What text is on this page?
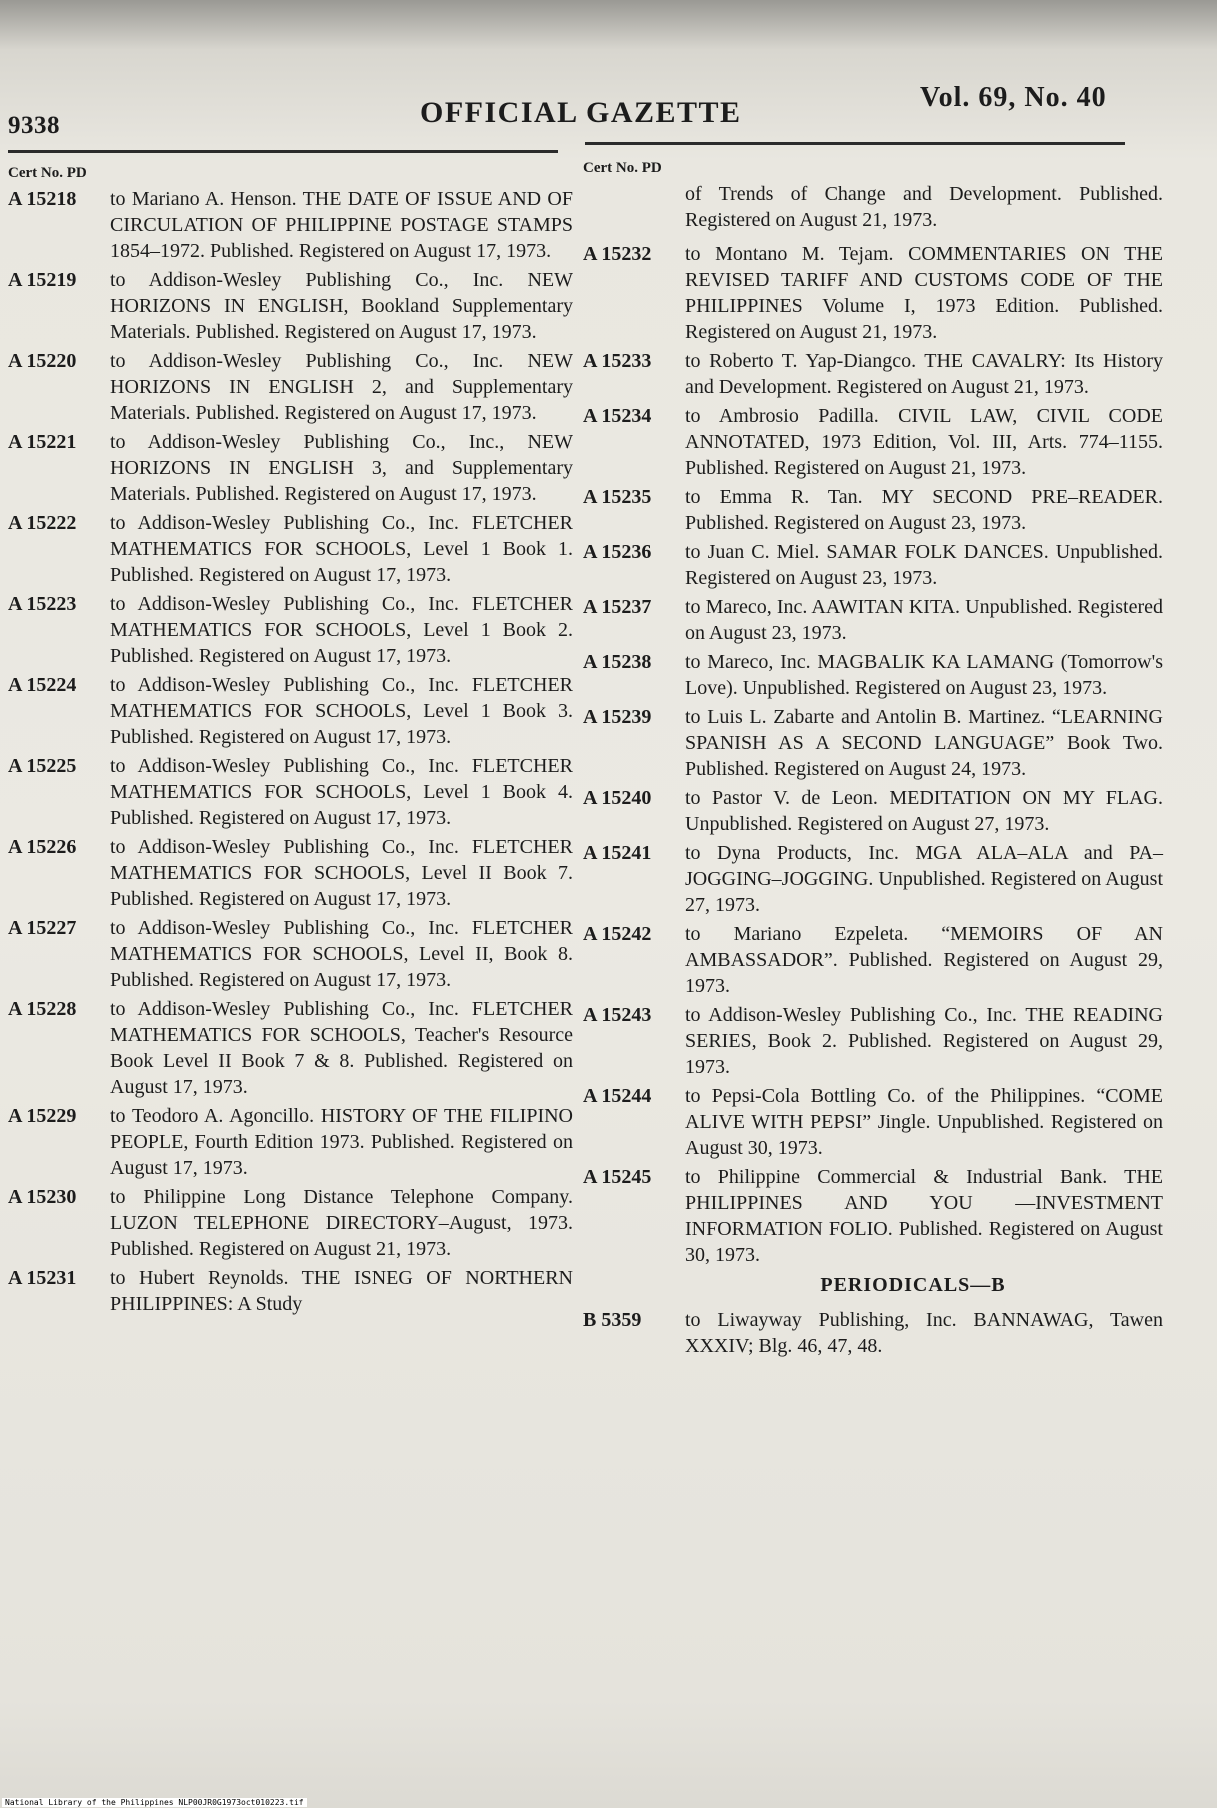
9338	OFFICIAL GAZETTE	Vol. 69, No. 40
Cert No. PD
A 15218 to Mariano A. Henson. THE DATE OF ISSUE AND OF CIRCULATION OF PHILIPPINE POSTAGE STAMPS 1854–1972. Published. Registered on August 17, 1973.
A 15219 to Addison-Wesley Publishing Co., Inc. NEW HORIZONS IN ENGLISH, Bookland Supplementary Materials. Published. Registered on August 17, 1973.
A 15220 to Addison-Wesley Publishing Co., Inc. NEW HORIZONS IN ENGLISH 2, and Supplementary Materials. Published. Registered on August 17, 1973.
A 15221 to Addison-Wesley Publishing Co., Inc., NEW HORIZONS IN ENGLISH 3, and Supplementary Materials. Published. Registered on August 17, 1973.
A 15222 to Addison-Wesley Publishing Co., Inc. FLETCHER MATHEMATICS FOR SCHOOLS, Level 1 Book 1. Published. Registered on August 17, 1973.
A 15223 to Addison-Wesley Publishing Co., Inc. FLETCHER MATHEMATICS FOR SCHOOLS, Level 1 Book 2. Published. Registered on August 17, 1973.
A 15224 to Addison-Wesley Publishing Co., Inc. FLETCHER MATHEMATICS FOR SCHOOLS, Level 1 Book 3. Published. Registered on August 17, 1973.
A 15225 to Addison-Wesley Publishing Co., Inc. FLETCHER MATHEMATICS FOR SCHOOLS, Level 1 Book 4. Published. Registered on August 17, 1973.
A 15226 to Addison-Wesley Publishing Co., Inc. FLETCHER MATHEMATICS FOR SCHOOLS, Level II Book 7. Published. Registered on August 17, 1973.
A 15227 to Addison-Wesley Publishing Co., Inc. FLETCHER MATHEMATICS FOR SCHOOLS, Level II, Book 8. Published. Registered on August 17, 1973.
A 15228 to Addison-Wesley Publishing Co., Inc. FLETCHER MATHEMATICS FOR SCHOOLS, Teacher's Resource Book Level II Book 7 & 8. Published. Registered on August 17, 1973.
A 15229 to Teodoro A. Agoncillo. HISTORY OF THE FILIPINO PEOPLE, Fourth Edition 1973. Published. Registered on August 17, 1973.
A 15230 to Philippine Long Distance Telephone Company. LUZON TELEPHONE DIRECTORY–August, 1973. Published. Registered on August 21, 1973.
A 15231 to Hubert Reynolds. THE ISNEG OF NORTHERN PHILIPPINES: A Study
Cert No. PD
of Trends of Change and Development. Published. Registered on August 21, 1973.
A 15232 to Montano M. Tejam. COMMENTARIES ON THE REVISED TARIFF AND CUSTOMS CODE OF THE PHILIPPINES Volume I, 1973 Edition. Published. Registered on August 21, 1973.
A 15233 to Roberto T. Yap-Diangco. THE CAVALRY: Its History and Development. Registered on August 21, 1973.
A 15234 to Ambrosio Padilla. CIVIL LAW, CIVIL CODE ANNOTATED, 1973 Edition, Vol. III, Arts. 774–1155. Published. Registered on August 21, 1973.
A 15235 to Emma R. Tan. MY SECOND PRE–READER. Published. Registered on August 23, 1973.
A 15236 to Juan C. Miel. SAMAR FOLK DANCES. Unpublished. Registered on August 23, 1973.
A 15237 to Mareco, Inc. AAWITAN KITA. Unpublished. Registered on August 23, 1973.
A 15238 to Mareco, Inc. MAGBALIK KA LAMANG (Tomorrow's Love). Unpublished. Registered on August 23, 1973.
A 15239 to Luis L. Zabarte and Antolin B. Martinez. “LEARNING SPANISH AS A SECOND LANGUAGE” Book Two. Published. Registered on August 24, 1973.
A 15240 to Pastor V. de Leon. MEDITATION ON MY FLAG. Unpublished. Registered on August 27, 1973.
A 15241 to Dyna Products, Inc. MGA ALA–ALA and PA–JOGGING–JOGGING. Unpublished. Registered on August 27, 1973.
A 15242 to Mariano Ezpeleta. “MEMOIRS OF AN AMBASSADOR”. Published. Registered on August 29, 1973.
A 15243 to Addison-Wesley Publishing Co., Inc. THE READING SERIES, Book 2. Published. Registered on August 29, 1973.
A 15244 to Pepsi-Cola Bottling Co. of the Philippines. “COME ALIVE WITH PEPSI” Jingle. Unpublished. Registered on August 30, 1973.
A 15245 to Philippine Commercial & Industrial Bank. THE PHILIPPINES AND YOU —INVESTMENT INFORMATION FOLIO. Published. Registered on August 30, 1973.
PERIODICALS—B
B 5359 to Liwayway Publishing, Inc. BANNAWAG, Tawen XXXIV; Blg. 46, 47, 48.
National Library of the Philippines NLP00JR0G1973oct010223.tif
